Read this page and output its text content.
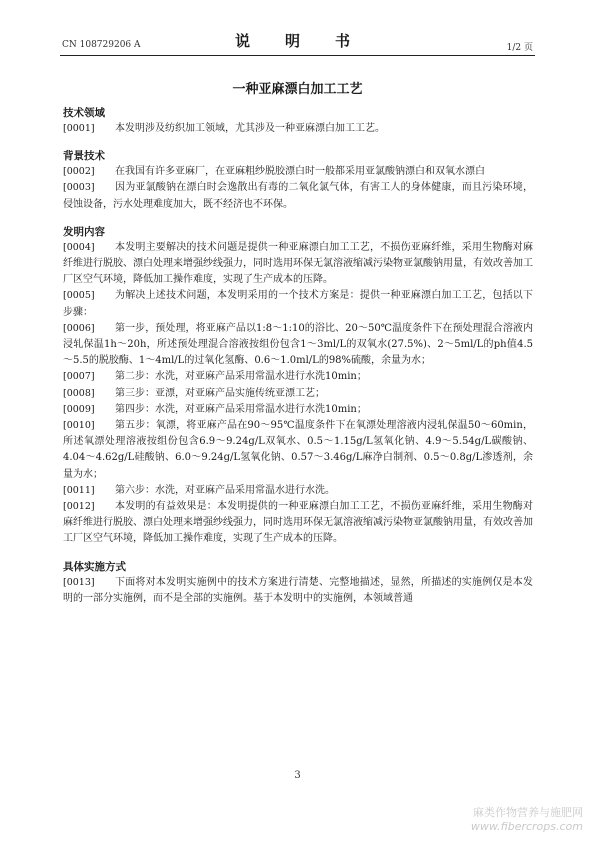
CN 108729206 A	说　明　书	1/2 页
一种亚麻漂白加工工艺
技术领域
[0001] 本发明涉及纺织加工领域，尤其涉及一种亚麻漂白加工工艺。
背景技术
[0002] 在我国有许多亚麻厂，在亚麻粗纱脱胶漂白时一般都采用亚氯酸钠漂白和双氧水漂白
[0003] 因为亚氯酸钠在漂白时会逸散出有毒的二氧化氯气体，有害工人的身体健康，而且污染环境，侵蚀设备，污水处理难度加大，既不经济也不环保。
发明内容
[0004] 本发明主要解决的技术问题是提供一种亚麻漂白加工工艺，不损伤亚麻纤维，采用生物酶对麻纤维进行脱胶、漂白处理来增强纱线强力，同时选用环保无氯溶液缩减污染物亚氯酸钠用量，有效改善加工厂区空气环境，降低加工操作难度，实现了生产成本的压降。
[0005] 为解决上述技术问题，本发明采用的一个技术方案是：提供一种亚麻漂白加工工艺，包括以下步骤：
[0006] 第一步，预处理，将亚麻产品以1:8～1:10的浴比、20～50℃温度条件下在预处理混合溶液内浸轧保温1h～20h，所述预处理混合溶液按组份包含1～3ml/L的双氧水(27.5%)、2～5ml/L的ph值4.5～5.5的脱胶酶、1～4ml/L的过氧化氢酶、0.6～1.0ml/L的98%硫酸，余量为水；
[0007] 第二步：水洗，对亚麻产品采用常温水进行水洗10min；
[0008] 第三步：亚漂，对亚麻产品实施传统亚漂工艺；
[0009] 第四步：水洗，对亚麻产品采用常温水进行水洗10min；
[0010] 第五步：氧漂，将亚麻产品在90～95℃温度条件下在氧漂处理溶液内浸轧保温50～60min，所述氧漂处理溶液按组份包含6.9～9.24g/L双氧水、0.5～1.15g/L氢氧化钠、4.9～5.54g/L碳酸钠、4.04～4.62g/L硅酸钠、6.0～9.24g/L氢氧化钠、0.57～3.46g/L麻净白制剂、0.5～0.8g/L渗透剂，余量为水；
[0011] 第六步：水洗，对亚麻产品采用常温水进行水洗。
[0012] 本发明的有益效果是：本发明提供的一种亚麻漂白加工工艺，不损伤亚麻纤维，采用生物酶对麻纤维进行脱胶、漂白处理来增强纱线强力，同时选用环保无氯溶液缩减污染物亚氯酸钠用量，有效改善加工厂区空气环境，降低加工操作难度，实现了生产成本的压降。
具体实施方式
[0013] 下面将对本发明实施例中的技术方案进行清楚、完整地描述，显然，所描述的实施例仅是本发明的一部分实施例，而不是全部的实施例。基于本发明中的实施例，本领域普通
3
麻类作物营养与施肥网
www.fibercrops.com
